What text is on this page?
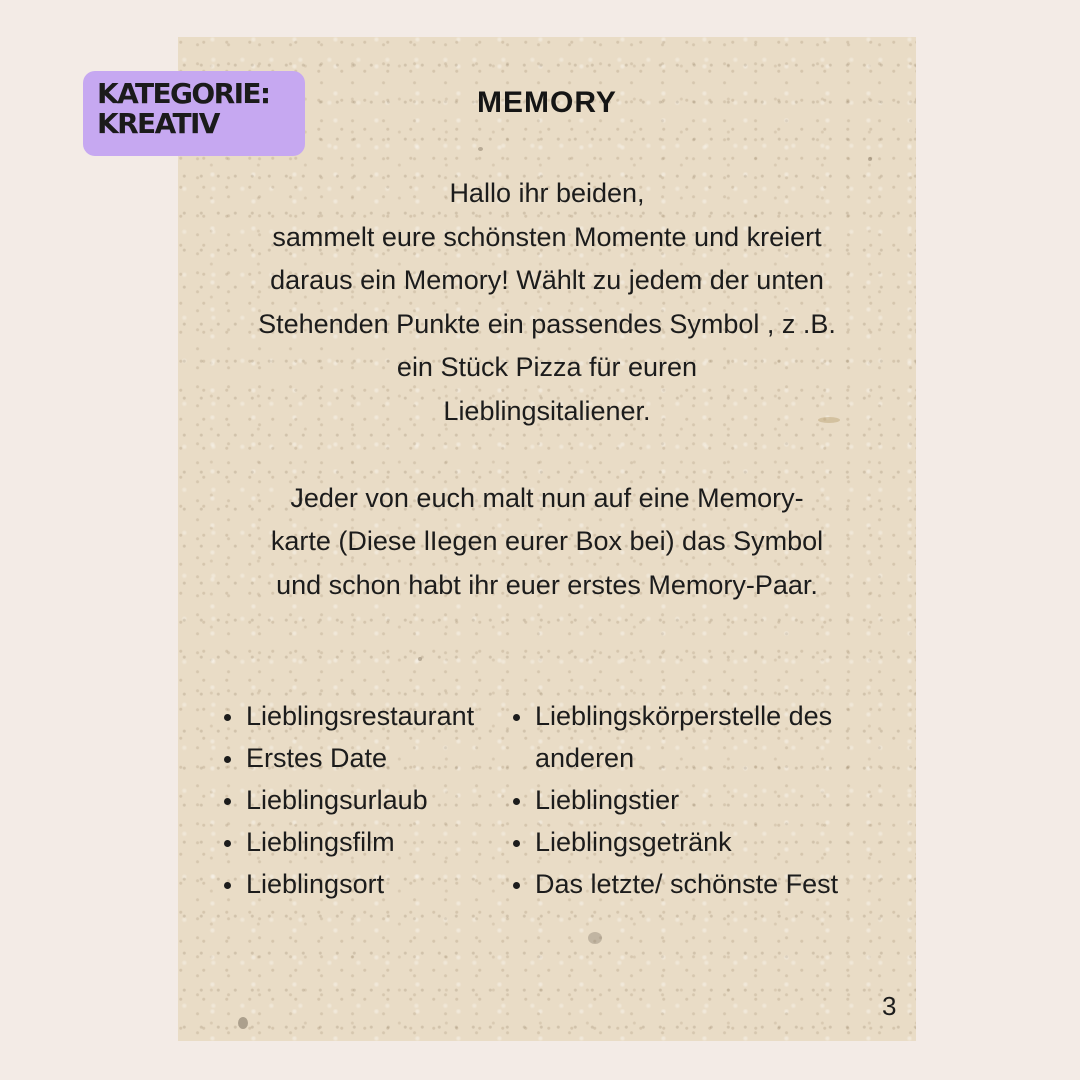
KATEGORIE:
KREATIV
MEMORY

Hallo ihr beiden,
sammelt eure schönsten Momente und kreiert
daraus ein Memory! Wählt zu jedem der unten
Stehenden Punkte ein passendes Symbol , z .B.
ein Stück Pizza für euren
Lieblingsitaliener.
Jeder von euch malt nun auf eine Memory-
karte (Diese lIegen eurer Box bei) das Symbol
und schon habt ihr euer erstes Memory-Paar.

Lieblingsrestaurant
Erstes Date
Lieblingsurlaub
Lieblingsfilm
Lieblingsort
Lieblingskörperstelle des anderen
Lieblingstier
Lieblingsgetränk
Das letzte/ schönste Fest
3
